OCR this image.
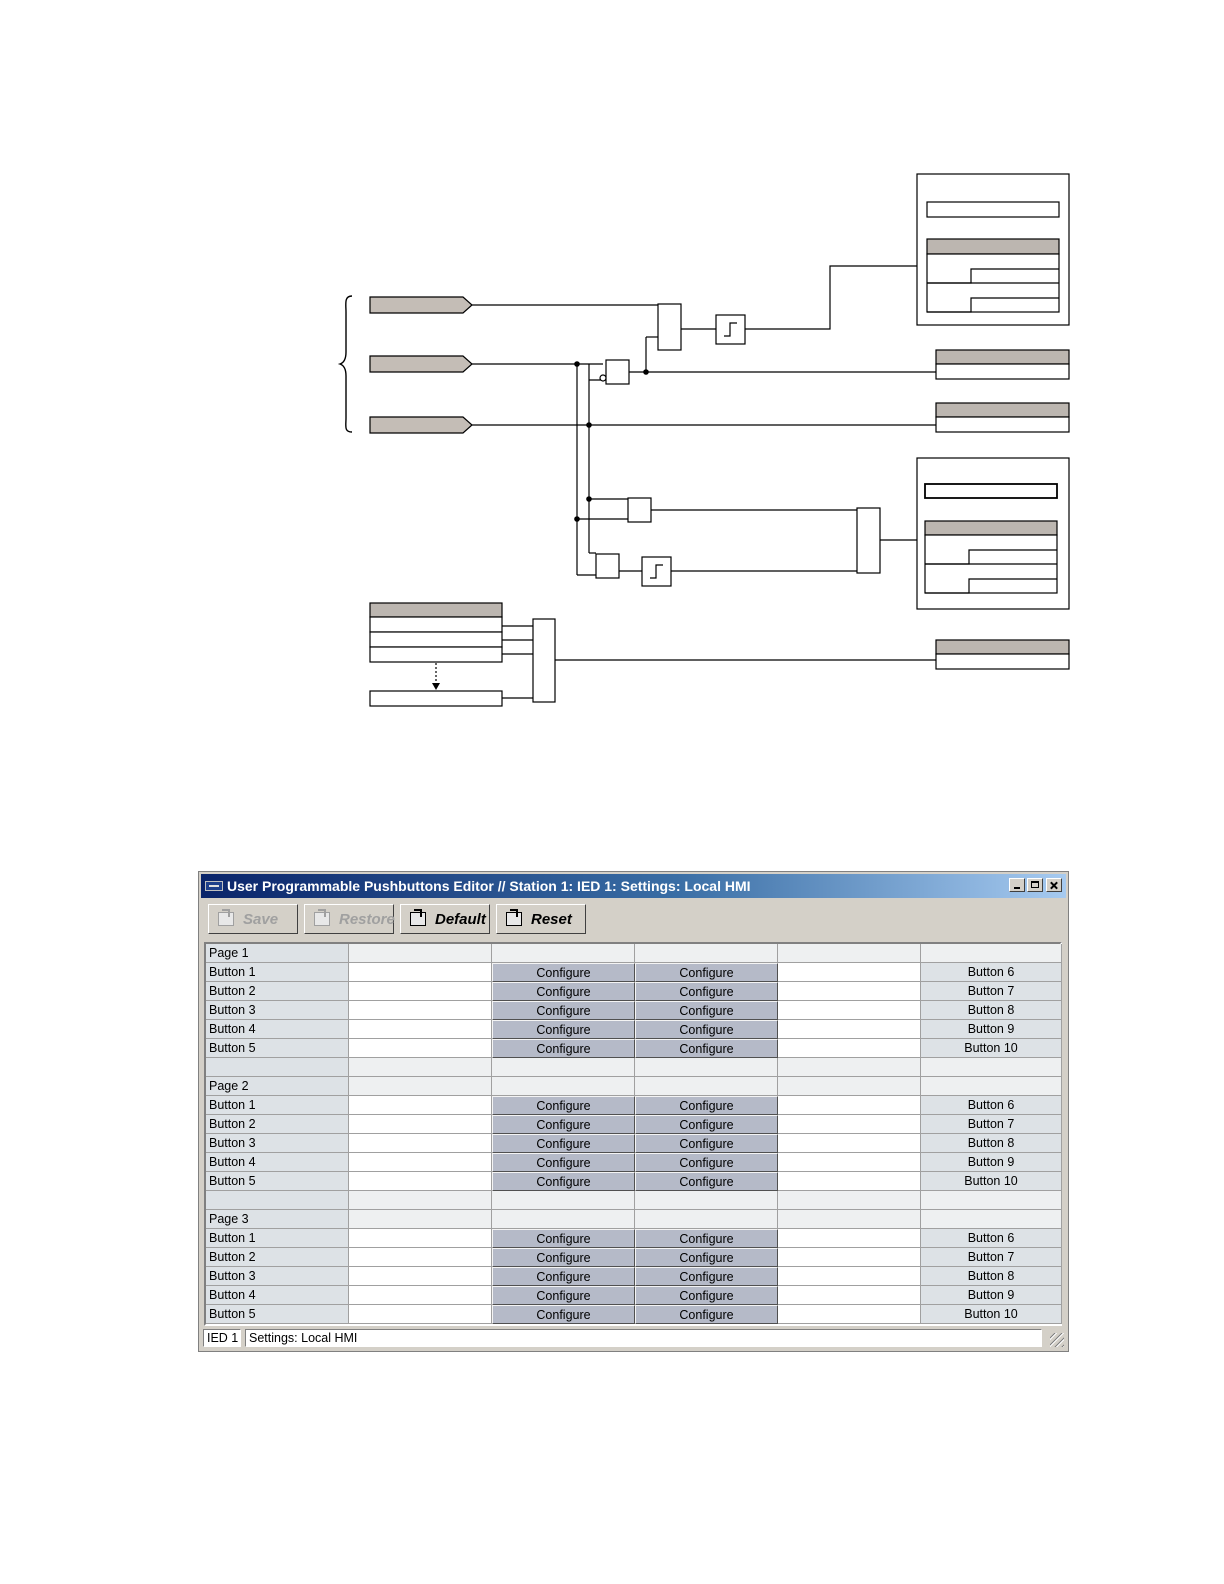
User Programmable Pushbuttons Editor // Station 1: IED 1: Settings: Local HMI
Save	Restore	Default	Reset
Page 1
Button 1	Configure	Configure	Button 6
Button 2	Configure	Configure	Button 7
Button 3	Configure	Configure	Button 8
Button 4	Configure	Configure	Button 9
Button 5	Configure	Configure	Button 10
Page 2
Button 1	Configure	Configure	Button 6
Button 2	Configure	Configure	Button 7
Button 3	Configure	Configure	Button 8
Button 4	Configure	Configure	Button 9
Button 5	Configure	Configure	Button 10
Page 3
Button 1	Configure	Configure	Button 6
Button 2	Configure	Configure	Button 7
Button 3	Configure	Configure	Button 8
Button 4	Configure	Configure	Button 9
Button 5	Configure	Configure	Button 10
IED 1 Settings: Local HMI
